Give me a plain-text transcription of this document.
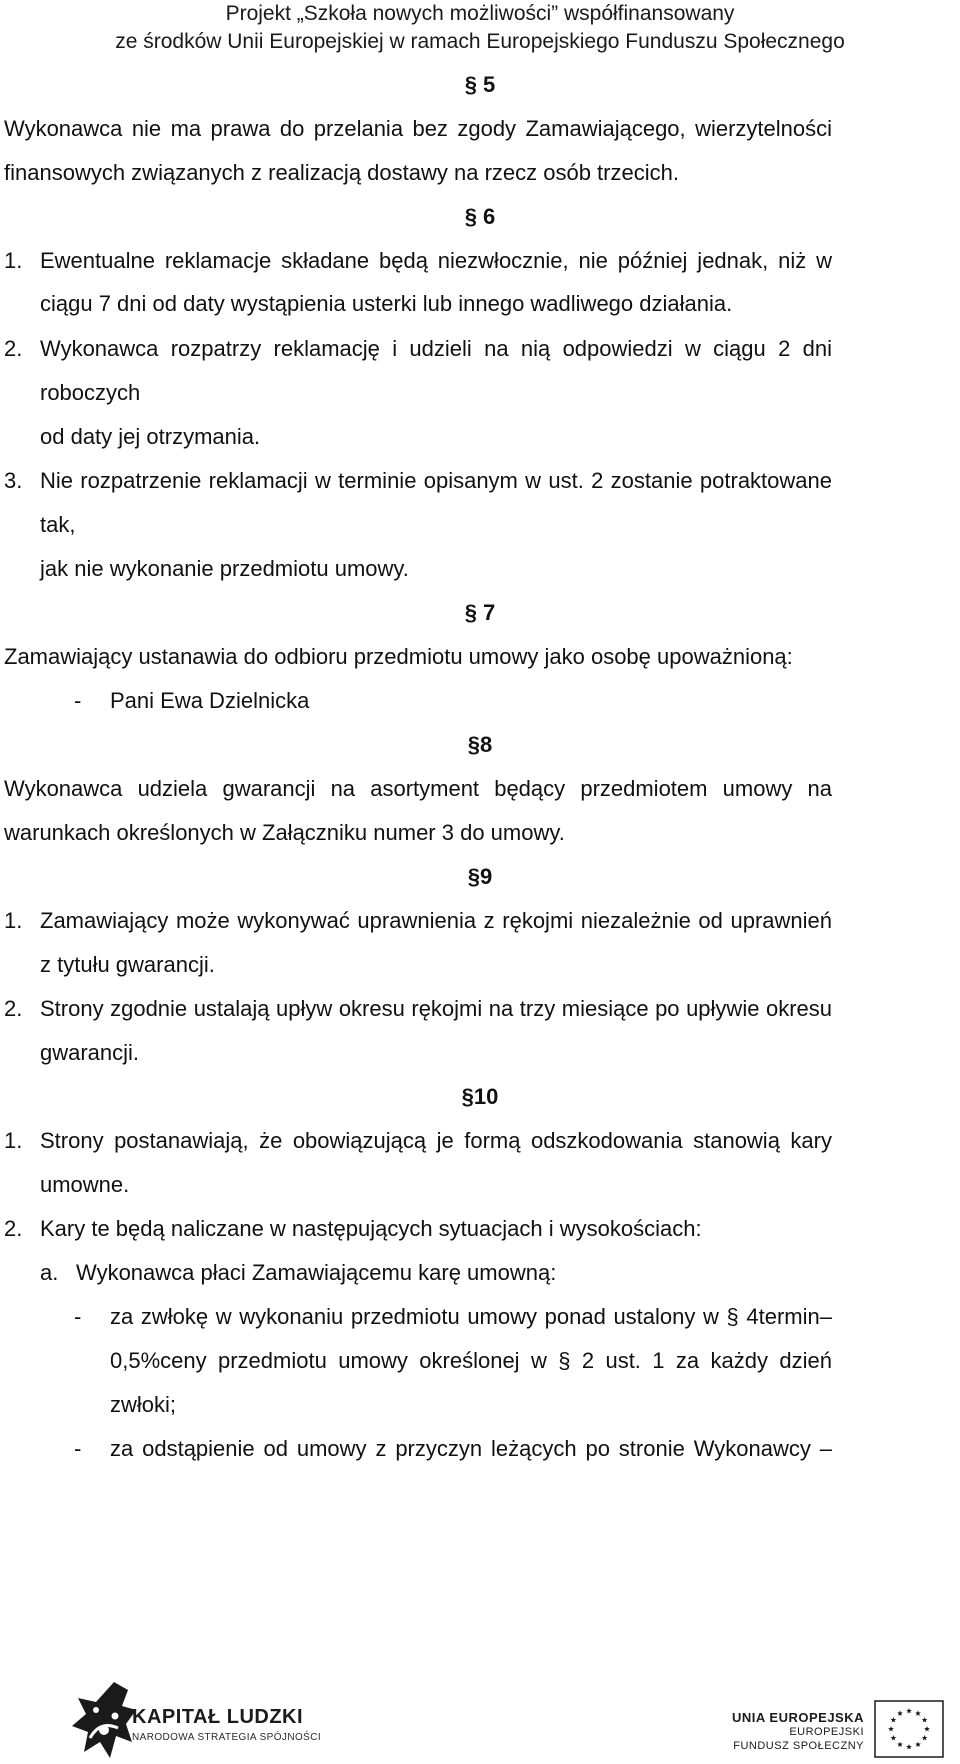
Projekt „Szkoła nowych możliwości” współfinansowany
ze środków Unii Europejskiej w ramach Europejskiego Funduszu Społecznego
§ 5
Wykonawca nie ma prawa do przelania bez zgody Zamawiającego, wierzytelności
finansowych związanych z realizacją dostawy na rzecz osób trzecich.
§ 6
1. Ewentualne reklamacje składane będą niezwłocznie, nie później jednak, niż w
ciągu 7 dni od daty wystąpienia usterki lub innego wadliwego działania.
2. Wykonawca rozpatrzy reklamację i udzieli na nią odpowiedzi w ciągu 2 dni
roboczych
od daty jej otrzymania.
3. Nie rozpatrzenie reklamacji w terminie opisanym w ust. 2 zostanie potraktowane
tak,
jak nie wykonanie przedmiotu umowy.
§ 7
Zamawiający ustanawia do odbioru przedmiotu umowy jako osobę upoważnioną:
- Pani Ewa Dzielnicka
§8
Wykonawca udziela gwarancji na asortyment będący przedmiotem umowy na
warunkach określonych w Załączniku numer 3 do umowy.
§9
1. Zamawiający może wykonywać uprawnienia z rękojmi niezależnie od uprawnień
z tytułu gwarancji.
2. Strony zgodnie ustalają upływ okresu rękojmi na trzy miesiące po upływie okresu
gwarancji.
§10
1. Strony postanawiają, że obowiązującą je formą odszkodowania stanowią kary
umowne.
2. Kary te będą naliczane w następujących sytuacjach i wysokościach:
a. Wykonawca płaci Zamawiającemu karę umowną:
- za zwłokę w wykonaniu przedmiotu umowy ponad ustalony w § 4termin–
0,5%ceny przedmiotu umowy określonej w § 2 ust. 1 za każdy dzień
zwłoki;
- za odstąpienie od umowy z przyczyn leżących po stronie Wykonawcy –
KAPITAŁ LUDZKI
NARODOWA STRATEGIA SPÓJNOŚCI
UNIA EUROPEJSKA
EUROPEJSKI
FUNDUSZ SPOŁECZNY
